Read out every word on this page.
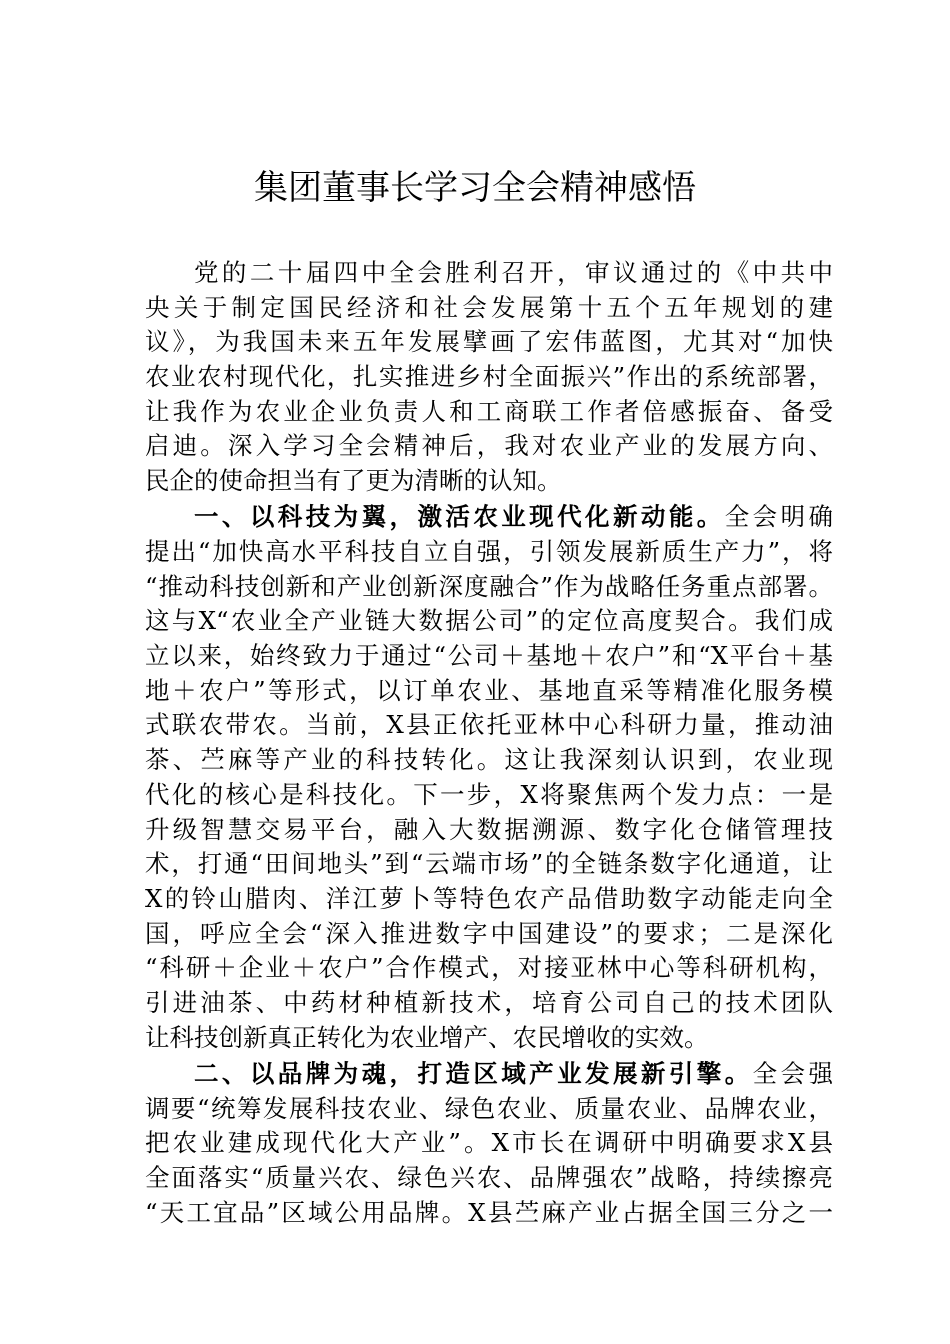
集团董事长学习全会精神感悟
党的二十届四中全会胜利召开，审议通过的《中共中
央关于制定国民经济和社会发展第十五个五年规划的建
议》，为我国未来五年发展擘画了宏伟蓝图，尤其对“加快
农业农村现代化，扎实推进乡村全面振兴”作出的系统部署，
让我作为农业企业负责人和工商联工作者倍感振奋、备受
启迪。深入学习全会精神后，我对农业产业的发展方向、
民企的使命担当有了更为清晰的认知。
一、以科技为翼，激活农业现代化新动能。全会明确
提出“加快高水平科技自立自强，引领发展新质生产力”，将
“推动科技创新和产业创新深度融合”作为战略任务重点部署。
这与X“农业全产业链大数据公司”的定位高度契合。我们成
立以来，始终致力于通过“公司＋基地＋农户”和“X平台＋基
地＋农户”等形式，以订单农业、基地直采等精准化服务模
式联农带农。当前，X县正依托亚林中心科研力量，推动油
茶、苎麻等产业的科技转化。这让我深刻认识到，农业现
代化的核心是科技化。下一步，X将聚焦两个发力点：一是
升级智慧交易平台，融入大数据溯源、数字化仓储管理技
术，打通“田间地头”到“云端市场”的全链条数字化通道，让
X的铃山腊肉、洋江萝卜等特色农产品借助数字动能走向全
国，呼应全会“深入推进数字中国建设”的要求；二是深化
“科研＋企业＋农户”合作模式，对接亚林中心等科研机构，
引进油茶、中药材种植新技术，培育公司自己的技术团队
让科技创新真正转化为农业增产、农民增收的实效。
二、以品牌为魂，打造区域产业发展新引擎。全会强
调要“统筹发展科技农业、绿色农业、质量农业、品牌农业，
把农业建成现代化大产业”。X市长在调研中明确要求X县
全面落实“质量兴农、绿色兴农、品牌强农”战略，持续擦亮
“天工宜品”区域公用品牌。X县苎麻产业占据全国三分之一
